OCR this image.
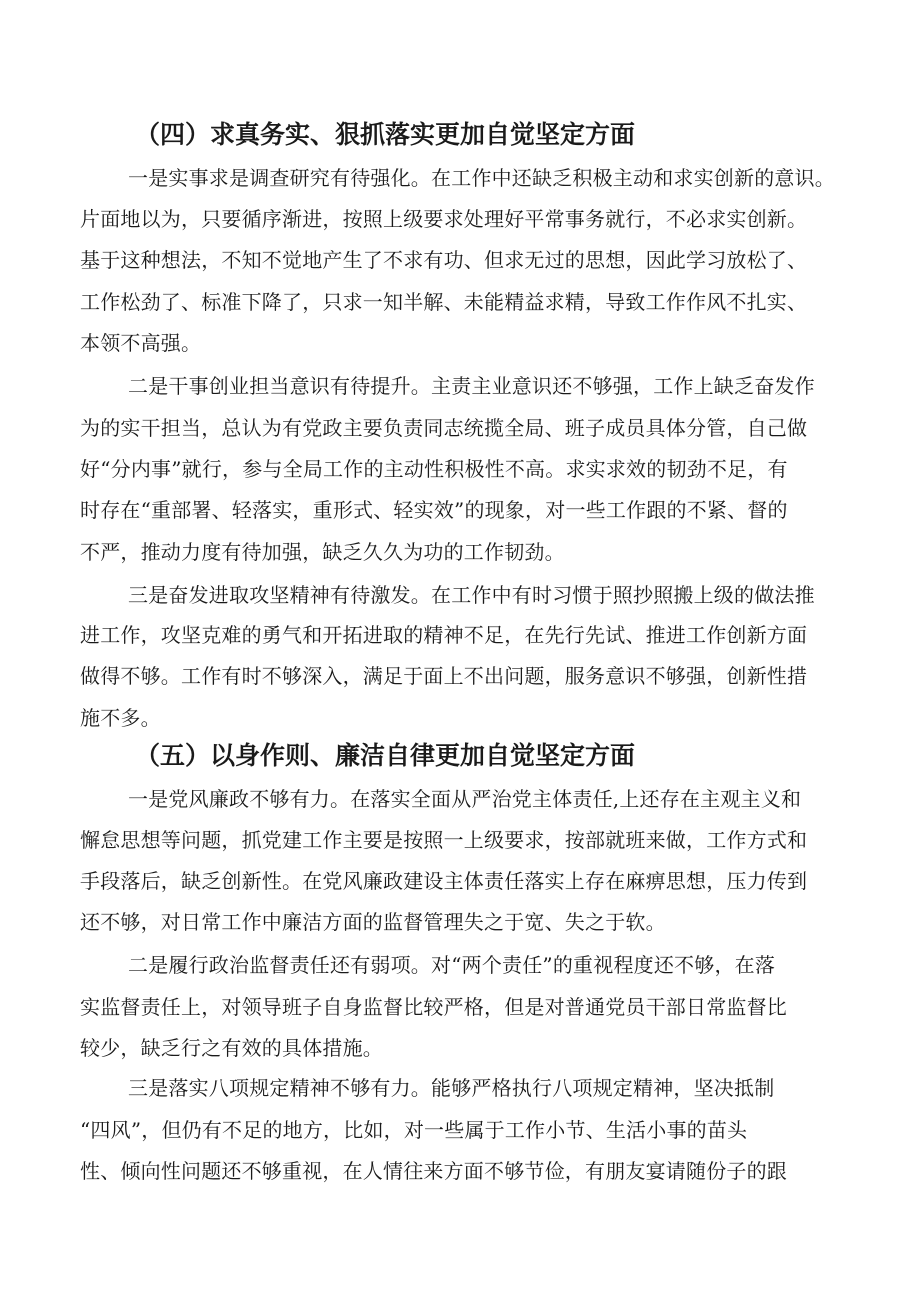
（四）求真务实、狠抓落实更加自觉坚定方面
一是实事求是调查研究有待强化。在工作中还缺乏积极主动和求实创新的意识。
片面地以为，只要循序渐进，按照上级要求处理好平常事务就行，不必求实创新。
基于这种想法，不知不觉地产生了不求有功、但求无过的思想，因此学习放松了、
工作松劲了、标准下降了，只求一知半解、未能精益求精，导致工作作风不扎实、
本领不高强。
二是干事创业担当意识有待提升。主责主业意识还不够强，工作上缺乏奋发作
为的实干担当，总认为有党政主要负责同志统揽全局、班子成员具体分管，自己做
好“分内事”就行，参与全局工作的主动性积极性不高。求实求效的韧劲不足，有
时存在“重部署、轻落实，重形式、轻实效”的现象，对一些工作跟的不紧、督的
不严，推动力度有待加强，缺乏久久为功的工作韧劲。
三是奋发进取攻坚精神有待激发。在工作中有时习惯于照抄照搬上级的做法推
进工作，攻坚克难的勇气和开拓进取的精神不足，在先行先试、推进工作创新方面
做得不够。工作有时不够深入，满足于面上不出问题，服务意识不够强，创新性措
施不多。
（五）以身作则、廉洁自律更加自觉坚定方面
一是党风廉政不够有力。在落实全面从严治党主体责任,上还存在主观主义和
懈怠思想等问题，抓党建工作主要是按照一上级要求，按部就班来做，工作方式和
手段落后，缺乏创新性。在党风廉政建设主体责任落实上存在麻痹思想，压力传到
还不够，对日常工作中廉洁方面的监督管理失之于宽、失之于软。
二是履行政治监督责任还有弱项。对“两个责任”的重视程度还不够，在落
实监督责任上，对领导班子自身监督比较严格，但是对普通党员干部日常监督比
较少，缺乏行之有效的具体措施。
三是落实八项规定精神不够有力。能够严格执行八项规定精神，坚决抵制
“四风”，但仍有不足的地方，比如，对一些属于工作小节、生活小事的苗头
性、倾向性问题还不够重视，在人情往来方面不够节俭，有朋友宴请随份子的跟
